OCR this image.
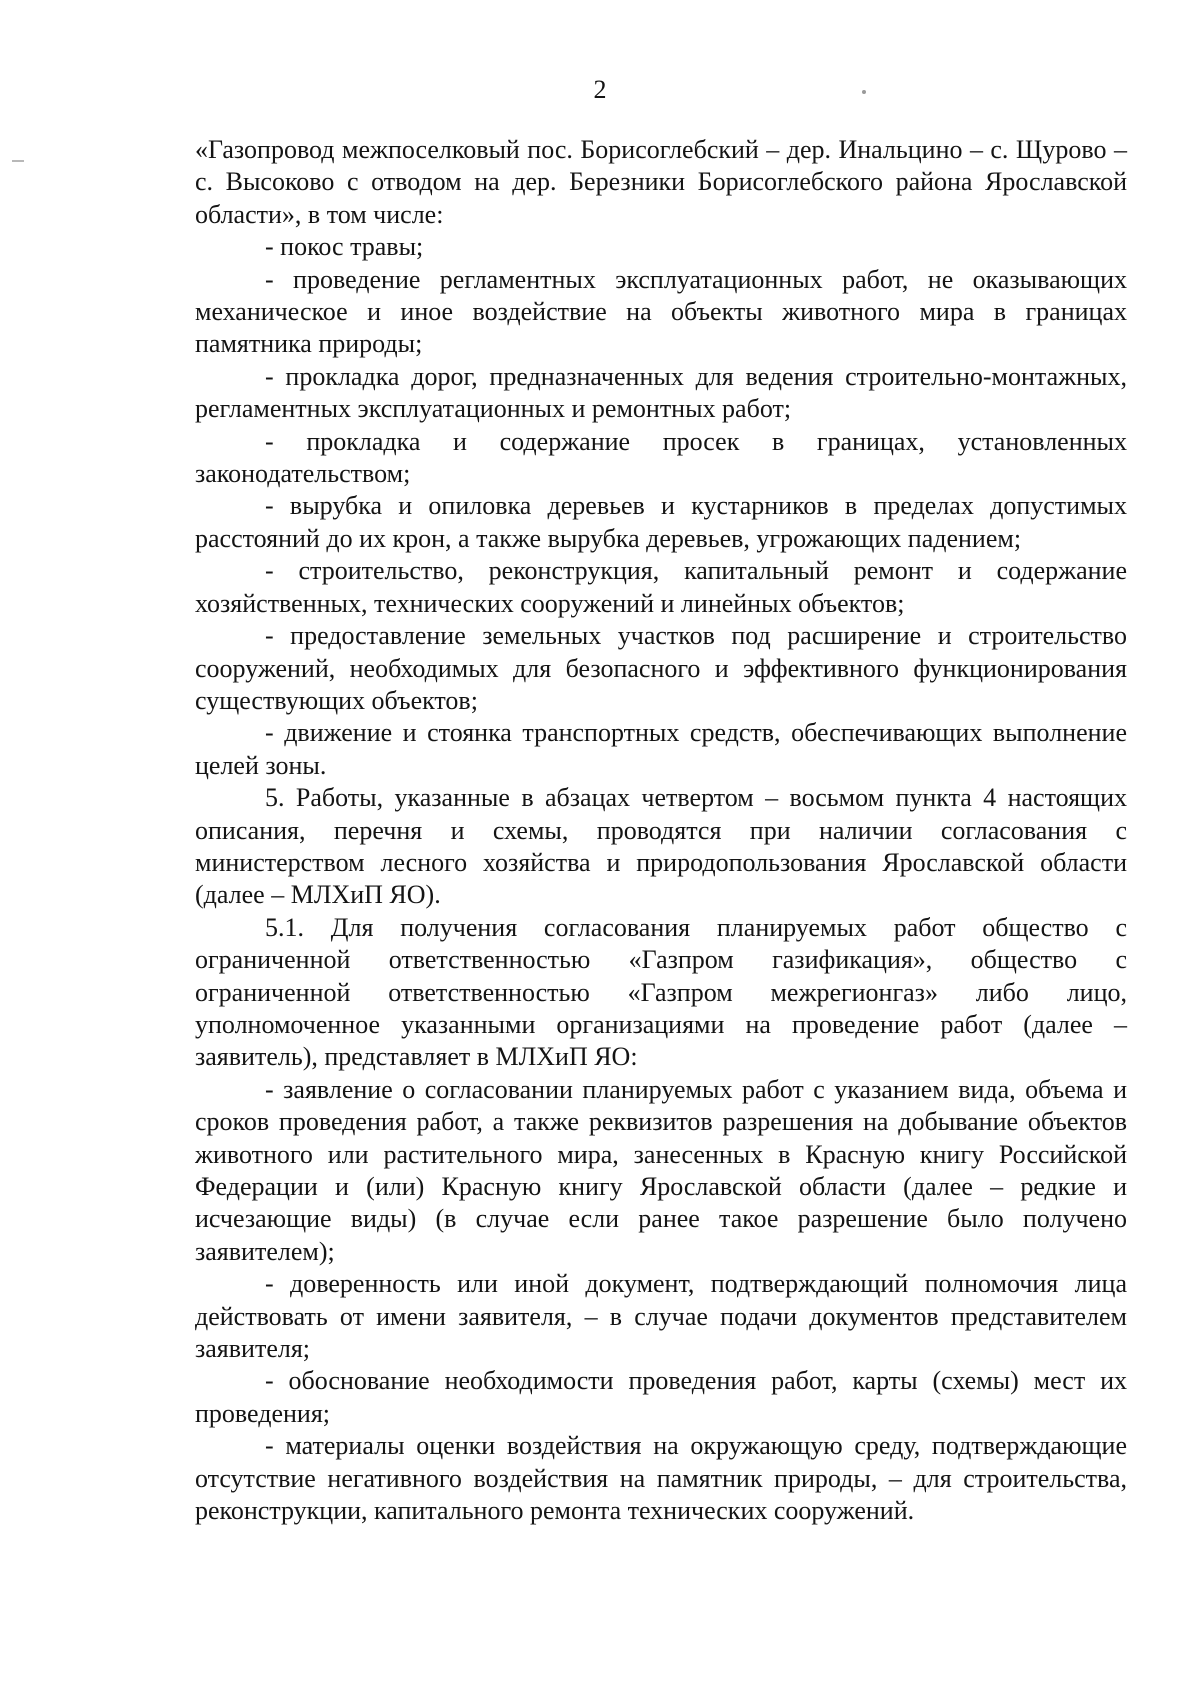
2

«Газопровод межпоселковый пос. Борисоглебский – дер. Инальцино – с. Щурово – с. Высоково с отводом на дер. Березники Борисоглебского района Ярославской области», в том числе:

- покос травы;

- проведение регламентных эксплуатационных работ, не оказывающих механическое и иное воздействие на объекты животного мира в границах памятника природы;

- прокладка дорог, предназначенных для ведения строительно-монтажных, регламентных эксплуатационных и ремонтных работ;

- прокладка и содержание просек в границах, установленных законодательством;

- вырубка и опиловка деревьев и кустарников в пределах допустимых расстояний до их крон, а также вырубка деревьев, угрожающих падением;

- строительство, реконструкция, капитальный ремонт и содержание хозяйственных, технических сооружений и линейных объектов;

- предоставление земельных участков под расширение и строительство сооружений, необходимых для безопасного и эффективного функционирования существующих объектов;

- движение и стоянка транспортных средств, обеспечивающих выполнение целей зоны.

5. Работы, указанные в абзацах четвертом – восьмом пункта 4 настоящих описания, перечня и схемы, проводятся при наличии согласования с министерством лесного хозяйства и природопользования Ярославской области (далее – МЛХиП ЯО).

5.1. Для получения согласования планируемых работ общество с ограниченной ответственностью «Газпром газификация», общество с ограниченной ответственностью «Газпром межрегионгаз» либо лицо, уполномоченное указанными организациями на проведение работ (далее – заявитель), представляет в МЛХиП ЯО:

- заявление о согласовании планируемых работ с указанием вида, объема и сроков проведения работ, а также реквизитов разрешения на добывание объектов животного или растительного мира, занесенных в Красную книгу Российской Федерации и (или) Красную книгу Ярославской области (далее – редкие и исчезающие виды) (в случае если ранее такое разрешение было получено заявителем);

- доверенность или иной документ, подтверждающий полномочия лица действовать от имени заявителя, – в случае подачи документов представителем заявителя;

- обоснование необходимости проведения работ, карты (схемы) мест их проведения;

- материалы оценки воздействия на окружающую среду, подтверждающие отсутствие негативного воздействия на памятник природы, – для строительства, реконструкции, капитального ремонта технических сооружений.
